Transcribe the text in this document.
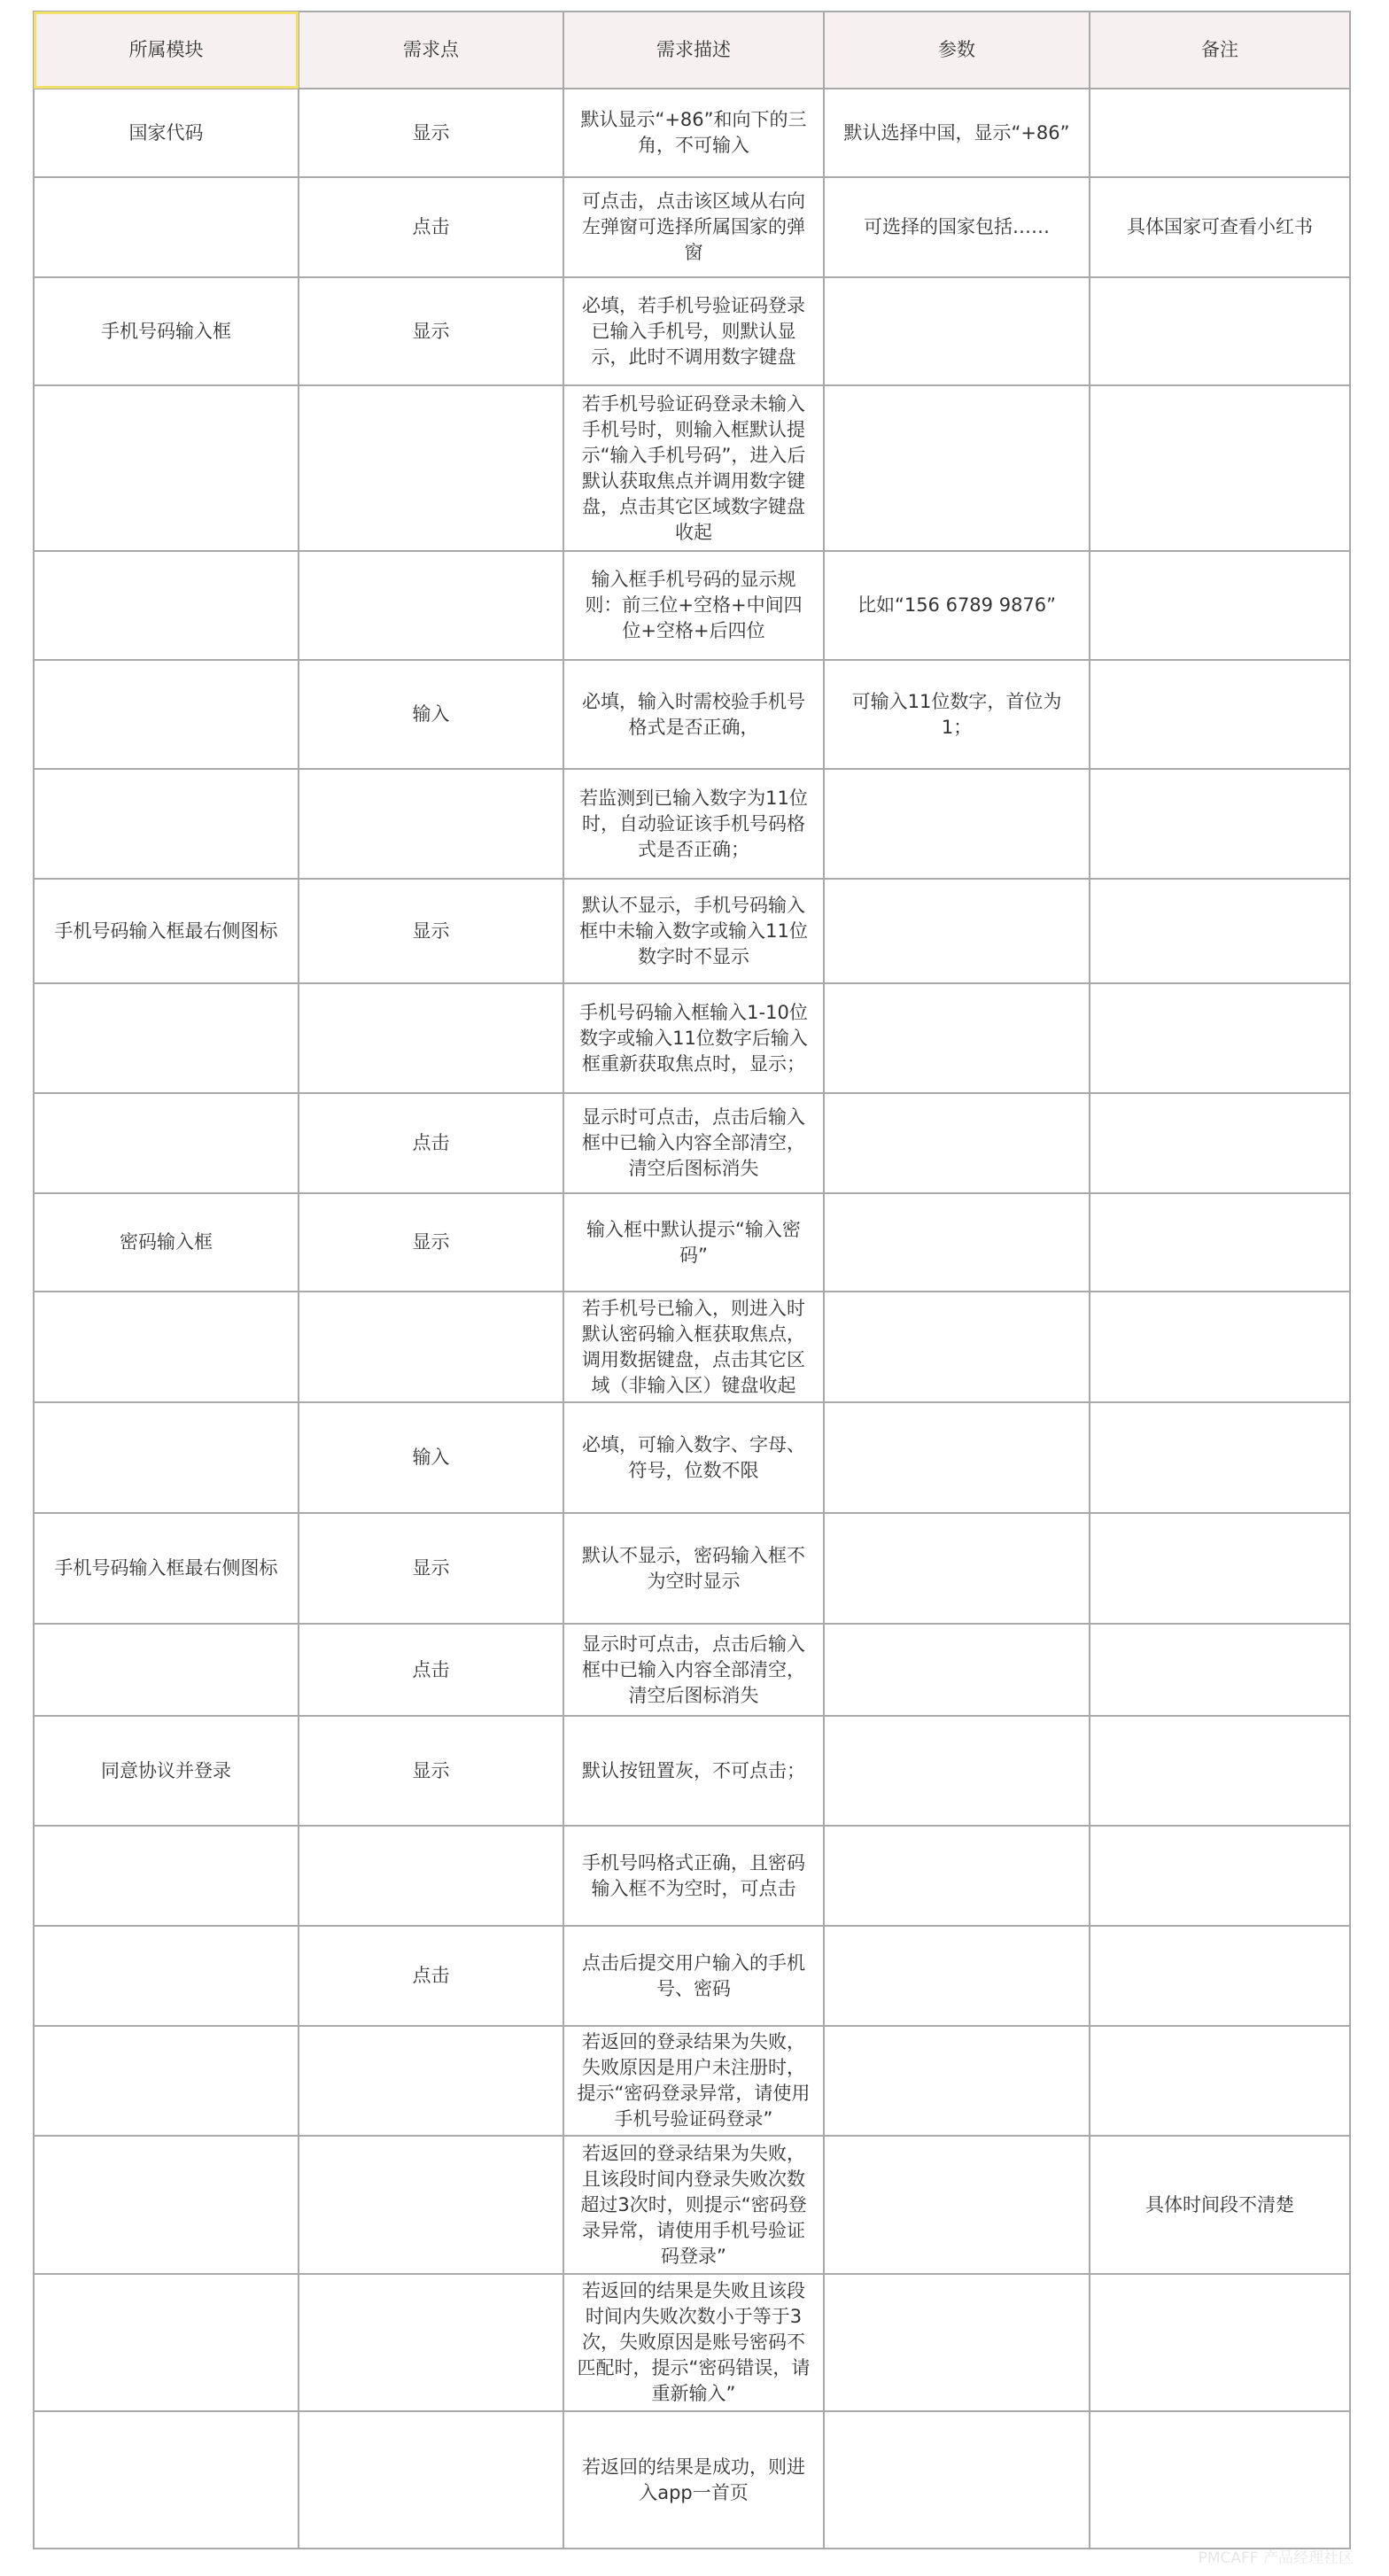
所属模块	需求点	需求描述	参数	备注
国家代码	显示	默认显示“+86”和向下的三角，不可输入	默认选择中国，显示“+86”	
	点击	可点击，点击该区域从右向左弹窗可选择所属国家的弹窗	可选择的国家包括……	具体国家可查看小红书
手机号码输入框	显示	必填，若手机号验证码登录已输入手机号，则默认显示，此时不调用数字键盘		
		若手机号验证码登录未输入手机号时，则输入框默认提示“输入手机号码”，进入后默认获取焦点并调用数字键盘，点击其它区域数字键盘收起		
		输入框手机号码的显示规则：前三位+空格+中间四位+空格+后四位	比如“156 6789 9876”	
	输入	必填，输入时需校验手机号格式是否正确，	可输入11位数字，首位为1；	
		若监测到已输入数字为11位时，自动验证该手机号码格式是否正确；		
手机号码输入框最右侧图标	显示	默认不显示，手机号码输入框中未输入数字或输入11位数字时不显示		
		手机号码输入框输入1-10位数字或输入11位数字后输入框重新获取焦点时，显示；		
	点击	显示时可点击，点击后输入框中已输入内容全部清空，清空后图标消失		
密码输入框	显示	输入框中默认提示“输入密码”		
		若手机号已输入，则进入时默认密码输入框获取焦点，调用数据键盘，点击其它区域（非输入区）键盘收起		
	输入	必填，可输入数字、字母、符号，位数不限		
手机号码输入框最右侧图标	显示	默认不显示，密码输入框不为空时显示		
	点击	显示时可点击，点击后输入框中已输入内容全部清空，清空后图标消失		
同意协议并登录	显示	默认按钮置灰，不可点击；		
		手机号吗格式正确，且密码输入框不为空时，可点击		
	点击	点击后提交用户输入的手机号、密码		
		若返回的登录结果为失败，失败原因是用户未注册时，提示“密码登录异常，请使用手机号验证码登录”		
		若返回的登录结果为失败，且该段时间内登录失败次数超过3次时，则提示“密码登录异常，请使用手机号验证码登录”		具体时间段不清楚
		若返回的结果是失败且该段时间内失败次数小于等于3次，失败原因是账号密码不匹配时，提示“密码错误，请重新输入”		
		若返回的结果是成功，则进入app一首页		
PMCAFF 产品经理社区
